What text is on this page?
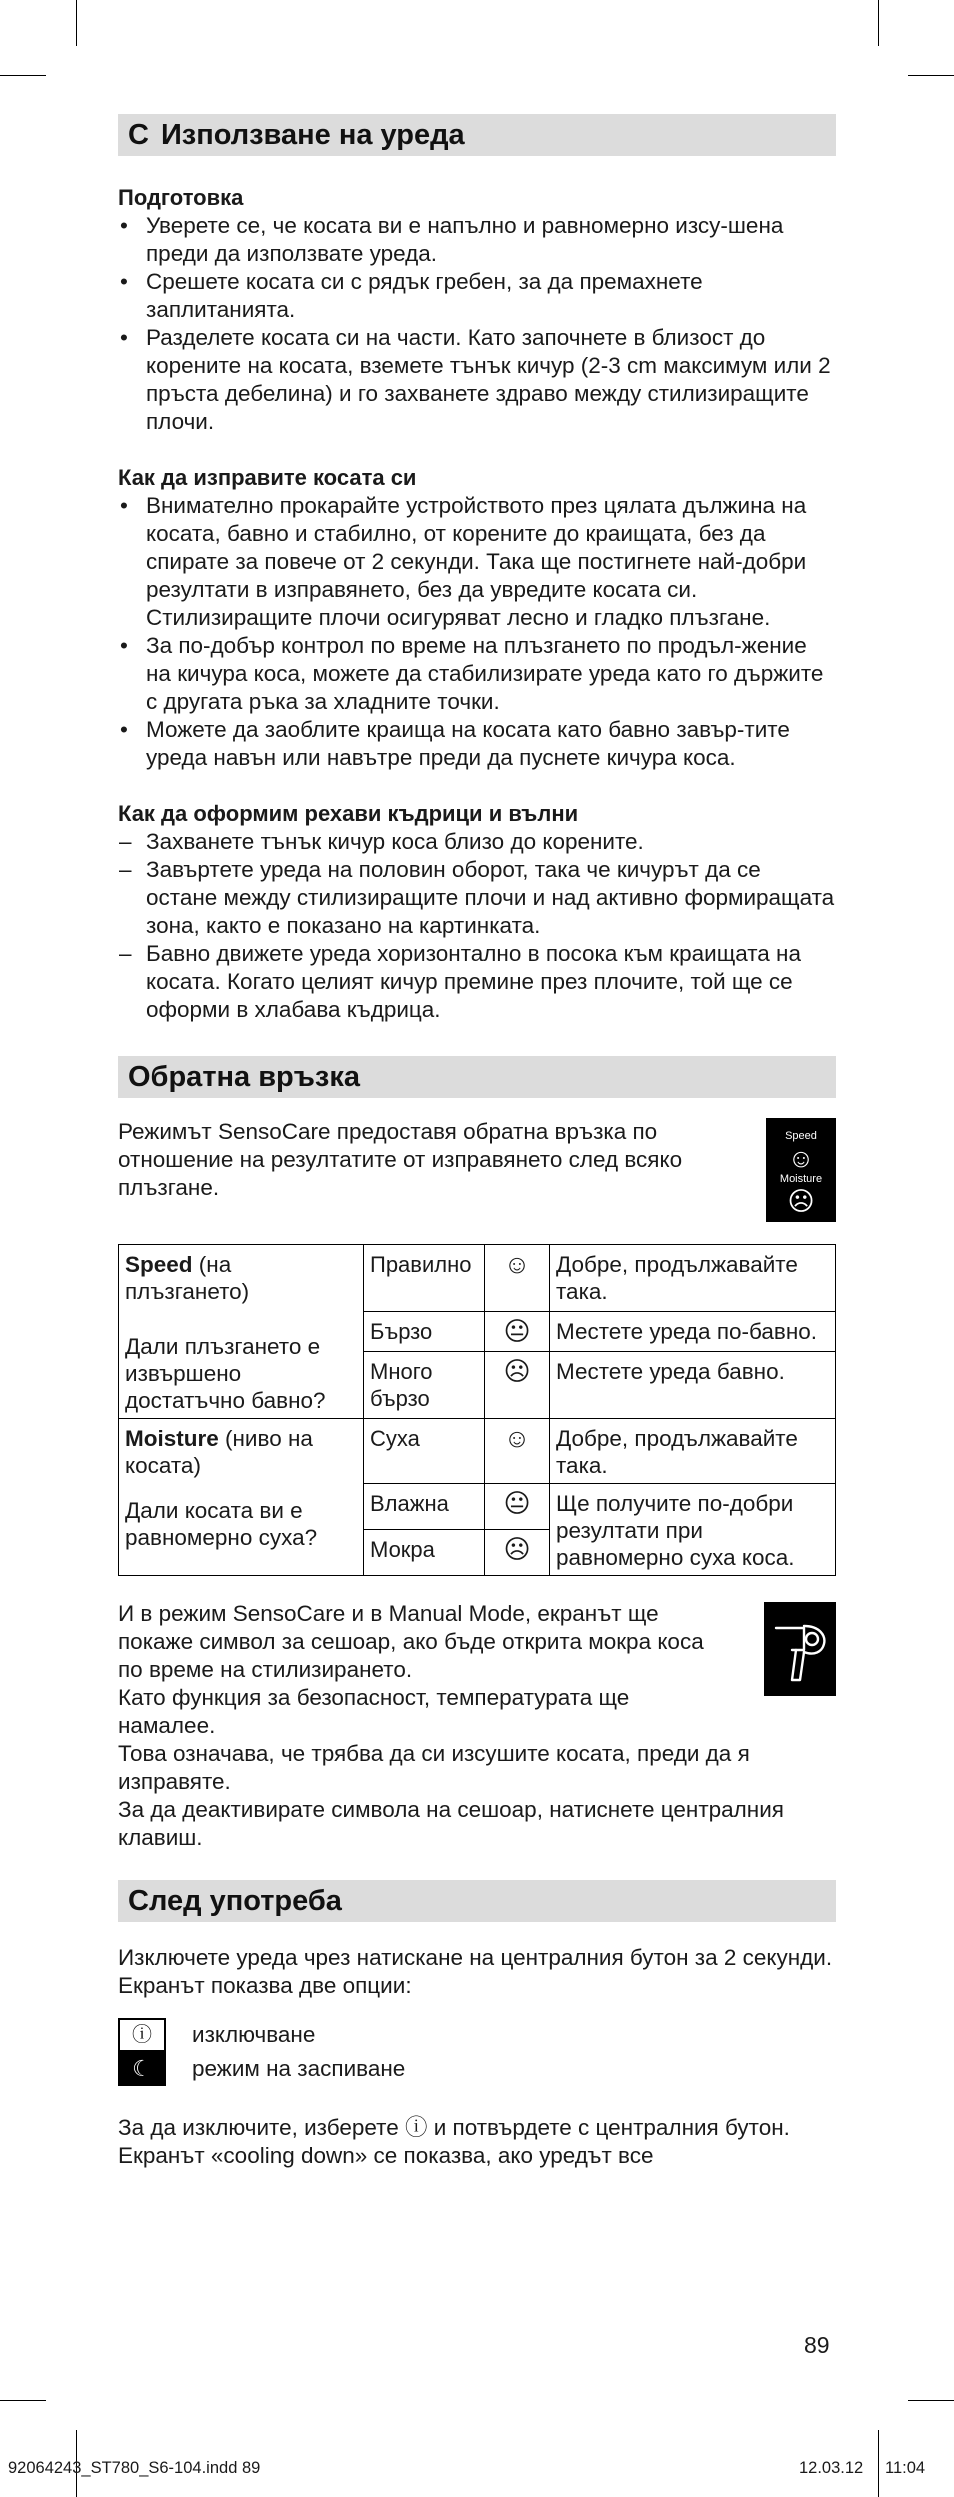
C Използване на уреда
Подготовка
• Уверете се, че косата ви е напълно и равномерно изсу-шена преди да използвате уреда.
• Срешете косата си с рядък гребен, за да премахнете заплитанията.
• Разделете косата си на части. Като започнете в близост до корените на косата, вземете тънък кичур (2-3 cm максимум или 2 пръста дебелина) и го захванете здраво между стилизиращите плочи.
Как да изправите косата си
• Внимателно прокарайте устройството през цялата дължина на косата, бавно и стабилно, от корените до краищата, без да спирате за повече от 2 секунди. Така ще постигнете най-добри резултати в изправянето, без да увредите косата си. Стилизиращите плочи осигуряват лесно и гладко плъзгане.
• За по-добър контрол по време на плъзгането по продъл-жение на кичура коса, можете да стабилизирате уреда като го държите с другата ръка за хладните точки.
• Можете да заоблите краища на косата като бавно завър-тите уреда навън или навътре преди да пуснете кичура коса.
Как да оформим рехави къдрици и вълни
– Захванете тънък кичур коса близо до корените.
– Завъртете уреда на половин оборот, така че кичурът да се остане между стилизиращите плочи и над активно формиращата зона, както е показано на картинката.
– Бавно движете уреда хоризонтално в посока към краищата на косата. Когато целият кичур премине през плочите, той ще се оформи в хлабава къдрица.
Обратна връзка

Режимът SensoCare предоставя обратна връзка по отношение на резултатите от изправянето след всяко плъзгане.

Speed
☺
Moisture
☹
Speed (на плъзгането)
Дали плъзгането е извършено достатъчно бавно?	Правилно	☺	Добре, продължавайте така.
	Бързо	😐	Местете уреда по-бавно.
	Много бързо	☹	Местете уреда бавно.
Moisture (ниво на косата)
Дали косата ви е равномерно суха?	Суха	☺	Добре, продължавайте така.
	Влажна	😐	Ще получите по-добри резултати при равномерно суха коса.
	Мокра	☹	

И в режим SensoCare и в Manual Mode, екранът ще покаже символ за сешоар, ако бъде открита мокра коса по време на стилизирането.

Като функция за безопасност, температурата ще намалее.

Това означава, че трябва да си изсушите косата, преди да я изправяте.

За да деактивирате символа на сешоар, натиснете централния клавиш.

След употреба

Изключете уреда чрез натискане на централния бутон за 2 секунди. Екранът показва две опции:

ⓘ	изключване
☾	режим на заспиване

За да изключите, изберете ⓘ и потвърдете с централния бутон. Екранът «cooling down» се показва, ако уредът все

89
92064243_ST780_S6-104.indd 89	12.03.12 11:04
